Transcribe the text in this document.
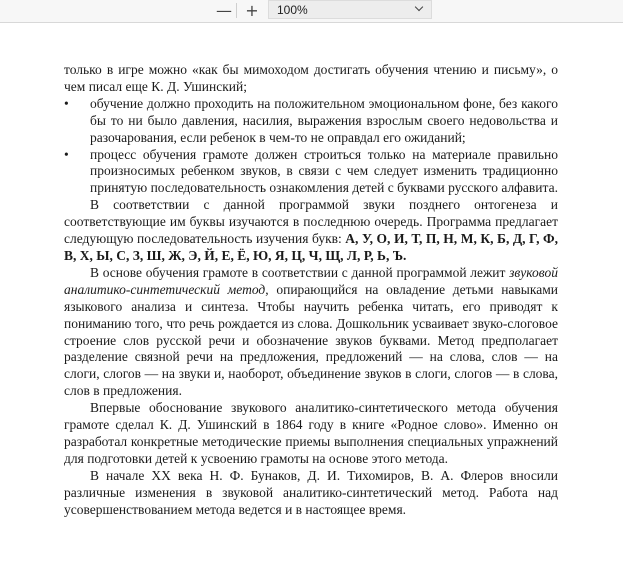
— + 100%

только в игре можно «как бы мимоходом достигать обучения чтению и письму», о чем писал еще К. Д. Ушинский;

•	обучение должно проходить на положительном эмоциональном фоне, без какого бы то ни было давления, насилия, выражения взрослым своего недовольства и разочарования, если ребенок в чем-то не оправдал его ожиданий;
•	процесс обучения грамоте должен строиться только на материале правильно произносимых ребенком звуков, в связи с чем следует изменить традиционно принятую последовательность ознакомления детей с буквами русского алфавита.

В соответствии с данной программой звуки позднего онтогенеза и соответствующие им буквы изучаются в последнюю очередь. Программа предлагает следующую последовательность изучения букв: А, У, О, И, Т, П, Н, М, К, Б, Д, Г, Ф, В, Х, Ы, С, З, Ш, Ж, Э, Й, Е, Ё, Ю, Я, Ц, Ч, Щ, Л, Р, Ь, Ъ.

В основе обучения грамоте в соответствии с данной программой лежит звуковой аналитико-синтетический метод, опирающийся на овладение детьми навыками языкового анализа и синтеза. Чтобы научить ребенка читать, его приводят к пониманию того, что речь рождается из слова. Дошкольник усваивает звуко-слоговое строение слов русской речи и обозначение звуков буквами. Метод предполагает разделение связной речи на предложения, предложений — на слова, слов — на слоги, слогов — на звуки и, наоборот, объединение звуков в слоги, слогов — в слова, слов в предложения.

Впервые обоснование звукового аналитико-синтетического метода обучения грамоте сделал К. Д. Ушинский в 1864 году в книге «Родное слово». Именно он разработал конкретные методические приемы выполнения специальных упражнений для подготовки детей к усвоению грамоты на основе этого метода.

В начале XX века Н. Ф. Бунаков, Д. И. Тихомиров, В. А. Флеров вносили различные изменения в звуковой аналитико-синтетический метод. Работа над усовершенствованием метода ведется и в настоящее время.
